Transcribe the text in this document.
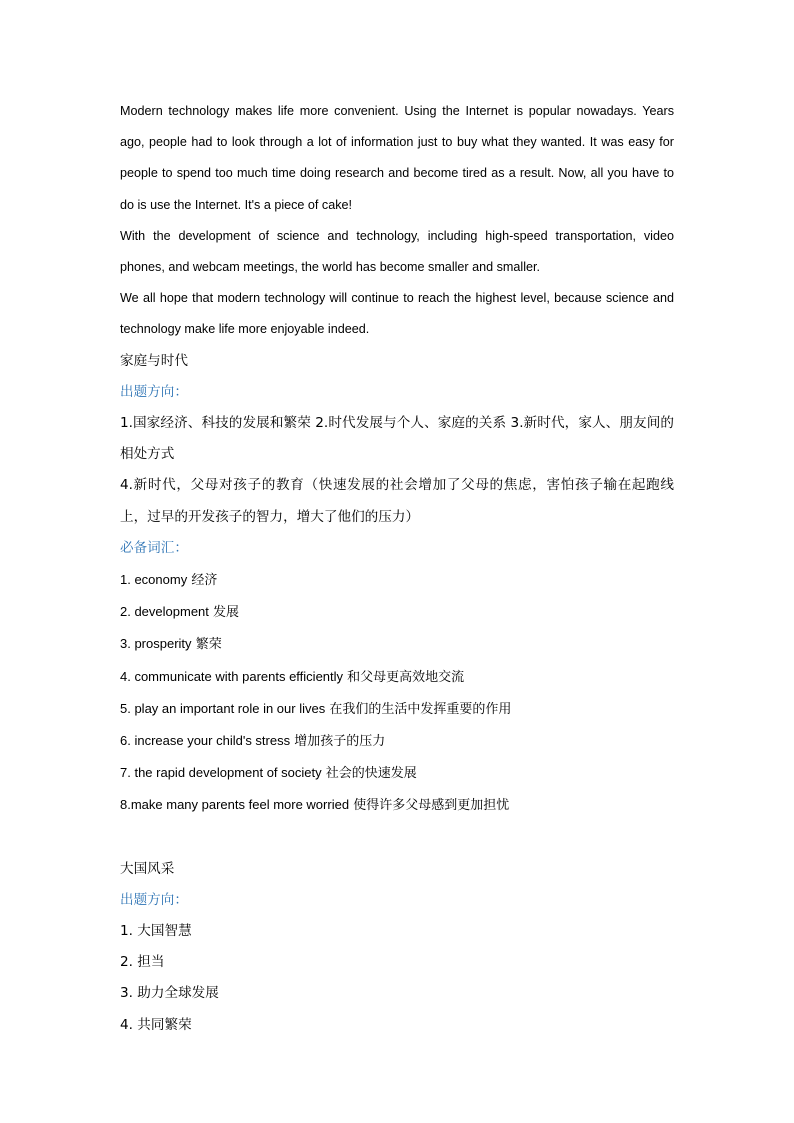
Modern technology makes life more convenient. Using the Internet is popular nowadays. Years ago, people had to look through a lot of information just to buy what they wanted. It was easy for people to spend too much time doing research and become tired as a result. Now, all you have to do is use the Internet. It's a piece of cake!

With the development of science and technology, including high-speed transportation, video phones, and webcam meetings, the world has become smaller and smaller.

We all hope that modern technology will continue to reach the highest level, because science and technology make life more enjoyable indeed.

家庭与时代

出题方向：

1.国家经济、科技的发展和繁荣 2.时代发展与个人、家庭的关系 3.新时代，家人、朋友间的相处方式

4.新时代，父母对孩子的教育（快速发展的社会增加了父母的焦虑，害怕孩子输在起跑线上，过早的开发孩子的智力，增大了他们的压力）

必备词汇：

1. economy 经济

2. development 发展

3. prosperity 繁荣

4. communicate with parents efficiently 和父母更高效地交流

5. play an important role in our lives 在我们的生活中发挥重要的作用

6. increase your child's stress 增加孩子的压力

7. the rapid development of society 社会的快速发展

8.make many parents feel more worried 使得许多父母感到更加担忧

大国风采

出题方向：

1. 大国智慧

2. 担当

3. 助力全球发展

4. 共同繁荣
